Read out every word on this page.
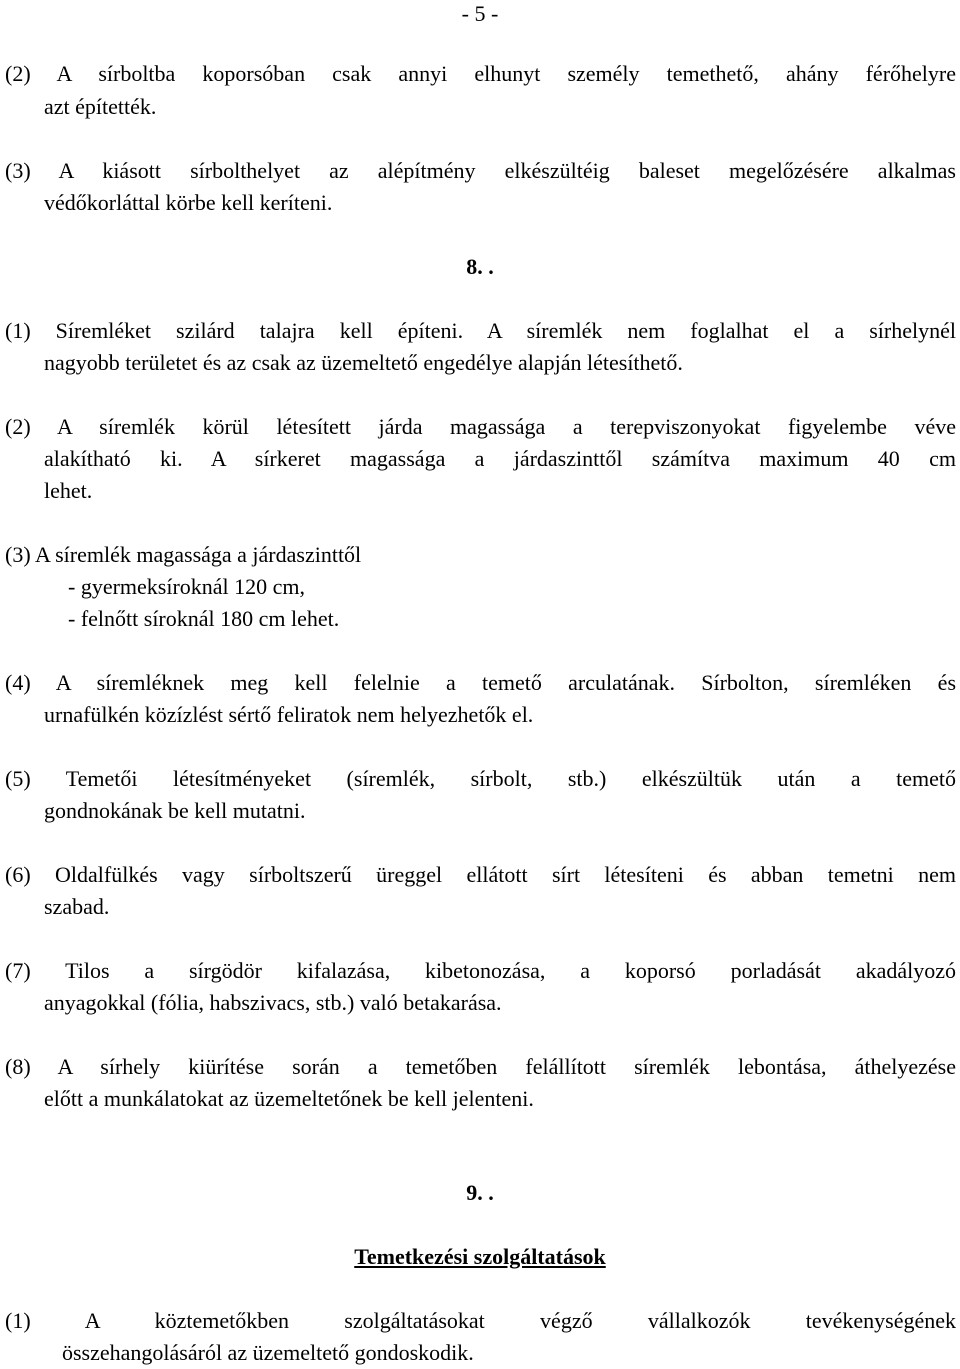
- 5 -
(2) A sírboltba koporsóban csak annyi elhunyt személy temethető, ahány férőhelyre
azt építették.
(3) A kiásott sírbolthelyet az alépítmény elkészültéig baleset megelőzésére alkalmas
védőkorláttal körbe kell keríteni.
8. .
(1) Síremléket szilárd talajra kell építeni. A síremlék nem foglalhat el a sírhelynél
nagyobb területet és az csak az üzemeltető engedélye alapján létesíthető.
(2) A síremlék körül létesített járda magassága a terepviszonyokat figyelembe véve
alakítható ki. A sírkeret magassága a járdaszinttől számítva maximum 40 cm
lehet.
(3) A síremlék magassága a járdaszinttől
- gyermeksíroknál 120 cm,
- felnőtt síroknál 180 cm lehet.
(4) A síremléknek meg kell felelnie a temető arculatának. Sírbolton, síremléken és
urnafülkén közízlést sértő feliratok nem helyezhetők el.
(5) Temetői létesítményeket (síremlék, sírbolt, stb.) elkészültük után a temető
gondnokának be kell mutatni.
(6) Oldalfülkés vagy sírboltszerű üreggel ellátott sírt létesíteni és abban temetni nem
szabad.
(7) Tilos a sírgödör kifalazása, kibetonozása, a koporsó porladását akadályozó
anyagokkal (fólia, habszivacs, stb.) való betakarása.
(8) A sírhely kiürítése során a temetőben felállított síremlék lebontása, áthelyezése
előtt a munkálatokat az üzemeltetőnek be kell jelenteni.
9. .
Temetkezési szolgáltatások
(1) A köztemetőkben szolgáltatásokat végző vállalkozók tevékenységének
összehangolásáról az üzemeltető gondoskodik.
